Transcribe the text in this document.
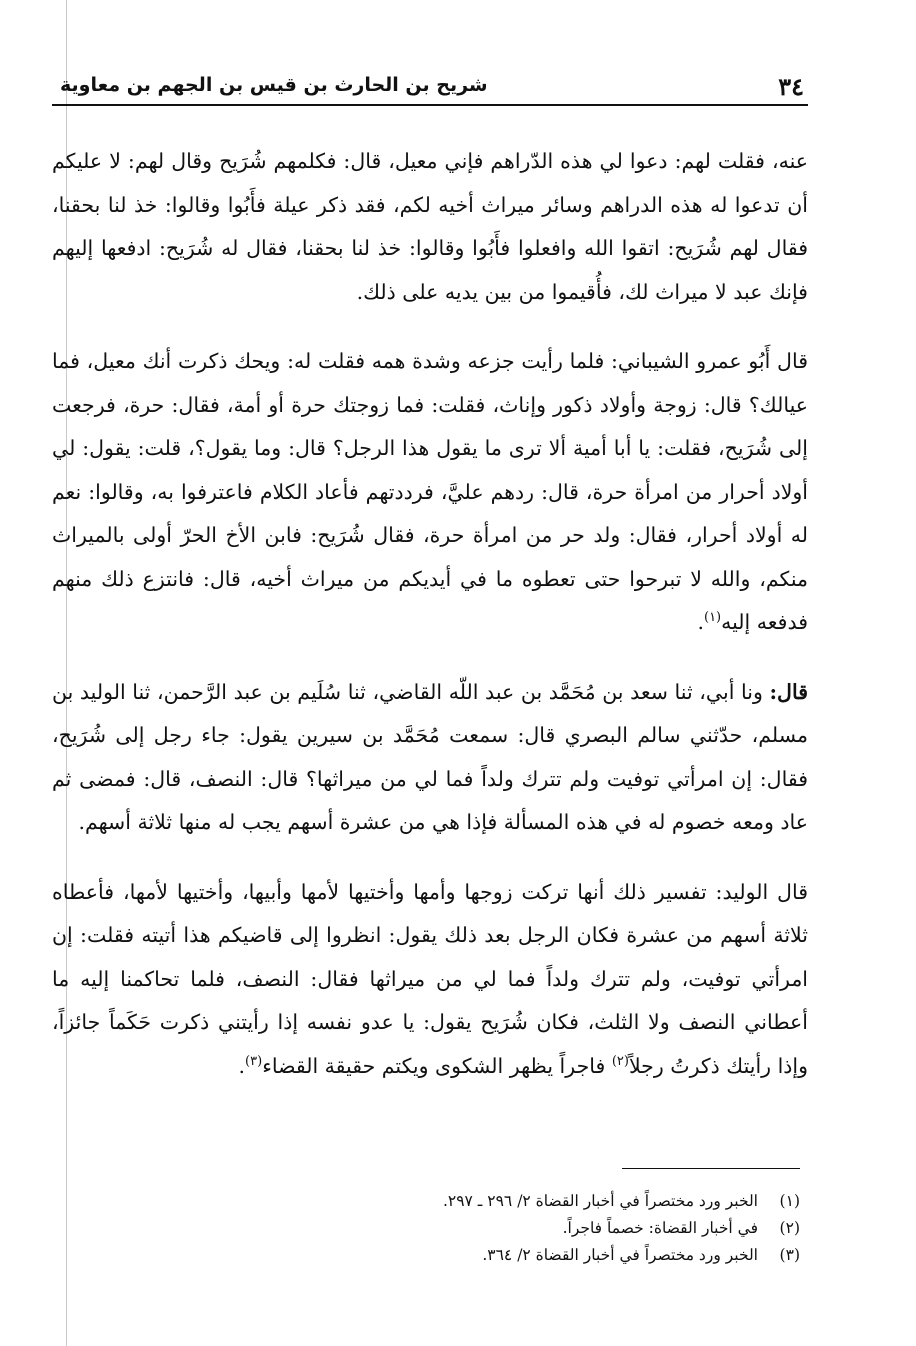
٣٤
شريح بن الحارث بن قيس بن الجهم بن معاوية

عنه، فقلت لهم: دعوا لي هذه الدّراهم فإني معيل، قال: فكلمهم شُرَيح وقال لهم: لا عليكم أن تدعوا له هذه الدراهم وسائر ميراث أخيه لكم، فقد ذكر عيلة فأَبُوا وقالوا: خذ لنا بحقنا، فقال لهم شُرَيح: اتقوا الله وافعلوا فأَبُوا وقالوا: خذ لنا بحقنا، فقال له شُرَيح: ادفعها إليهم فإنك عبد لا ميراث لك، فأُقيموا من بين يديه على ذلك.

قال أَبُو عمرو الشيباني: فلما رأيت جزعه وشدة همه فقلت له: ويحك ذكرت أنك معيل، فما عيالك؟ قال: زوجة وأولاد ذكور وإناث، فقلت: فما زوجتك حرة أو أمة، فقال: حرة، فرجعت إلى شُرَيح، فقلت: يا أبا أمية ألا ترى ما يقول هذا الرجل؟ قال: وما يقول؟، قلت: يقول: لي أولاد أحرار من امرأة حرة، قال: ردهم عليَّ، فرددتهم فأعاد الكلام فاعترفوا به، وقالوا: نعم له أولاد أحرار، فقال: ولد حر من امرأة حرة، فقال شُرَيح: فابن الأخ الحرّ أولى بالميراث منكم، والله لا تبرحوا حتى تعطوه ما في أيديكم من ميراث أخيه، قال: فانتزع ذلك منهم فدفعه إليه$^{(١)}$.

قال: ونا أبي، ثنا سعد بن مُحَمَّد بن عبد اللّه القاضي، ثنا سُلَيم بن عبد الرَّحمن، ثنا الوليد بن مسلم، حدّثني سالم البصري قال: سمعت مُحَمَّد بن سيرين يقول: جاء رجل إلى شُرَيح، فقال: إن امرأتي توفيت ولم تترك ولداً فما لي من ميراثها؟ قال: النصف، قال: فمضى ثم عاد ومعه خصوم له في هذه المسألة فإذا هي من عشرة أسهم يجب له منها ثلاثة أسهم.

قال الوليد: تفسير ذلك أنها تركت زوجها وأمها وأختيها لأمها وأبيها، وأختيها لأمها، فأعطاه ثلاثة أسهم من عشرة فكان الرجل بعد ذلك يقول: انظروا إلى قاضيكم هذا أتيته فقلت: إن امرأتي توفيت، ولم تترك ولداً فما لي من ميراثها فقال: النصف، فلما تحاكمنا إليه ما أعطاني النصف ولا الثلث، فكان شُرَيح يقول: يا عدو نفسه إذا رأيتني ذكرت حَكَماً جائزاً، وإذا رأيتك ذكرتُ رجلاً$^{(٢)}$ فاجراً يظهر الشكوى ويكتم حقيقة القضاء$^{(٣)}$.

(١)
الخبر ورد مختصراً في أخبار القضاة ٢/ ٢٩٦ ـ ٢٩٧.
(٢)
في أخبار القضاة: خصماً فاجراً.
(٣)
الخبر ورد مختصراً في أخبار القضاة ٢/ ٣٦٤.
